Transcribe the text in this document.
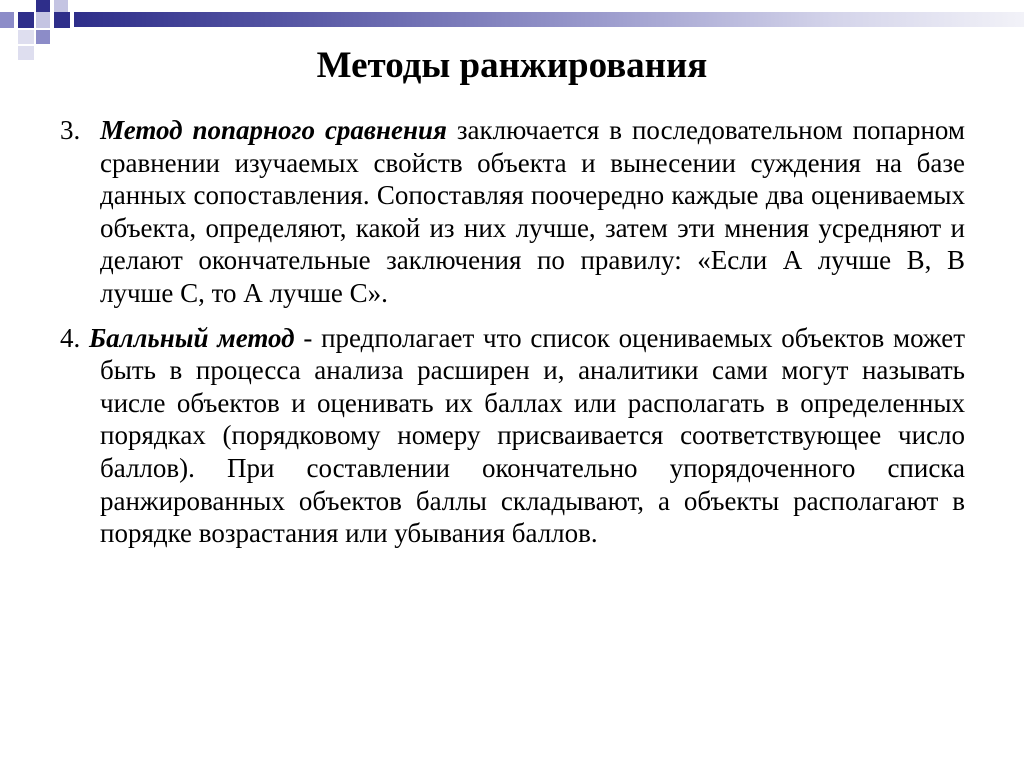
Методы ранжирования

3. Метод попарного сравнения заключается в последовательном попарном сравнении изучаемых свойств объекта и вынесении суждения на базе данных сопоставления. Сопоставляя поочередно каждые два оцениваемых объекта, определяют, какой из них лучше, затем эти мнения усредняют и делают окончательные заключения по правилу: «Если А лучше В, В лучше С, то А лучше С».

4. Балльный метод - предполагает что список оцениваемых объектов может быть в процесса анализа расширен и, аналитики сами могут называть числе объектов и оценивать их баллах или располагать в определенных порядках (порядковому номеру присваивается соответствующее число баллов). При составлении окончательно упорядоченного списка ранжированных объектов баллы складывают, а объекты располагают в порядке возрастания или убывания баллов.
